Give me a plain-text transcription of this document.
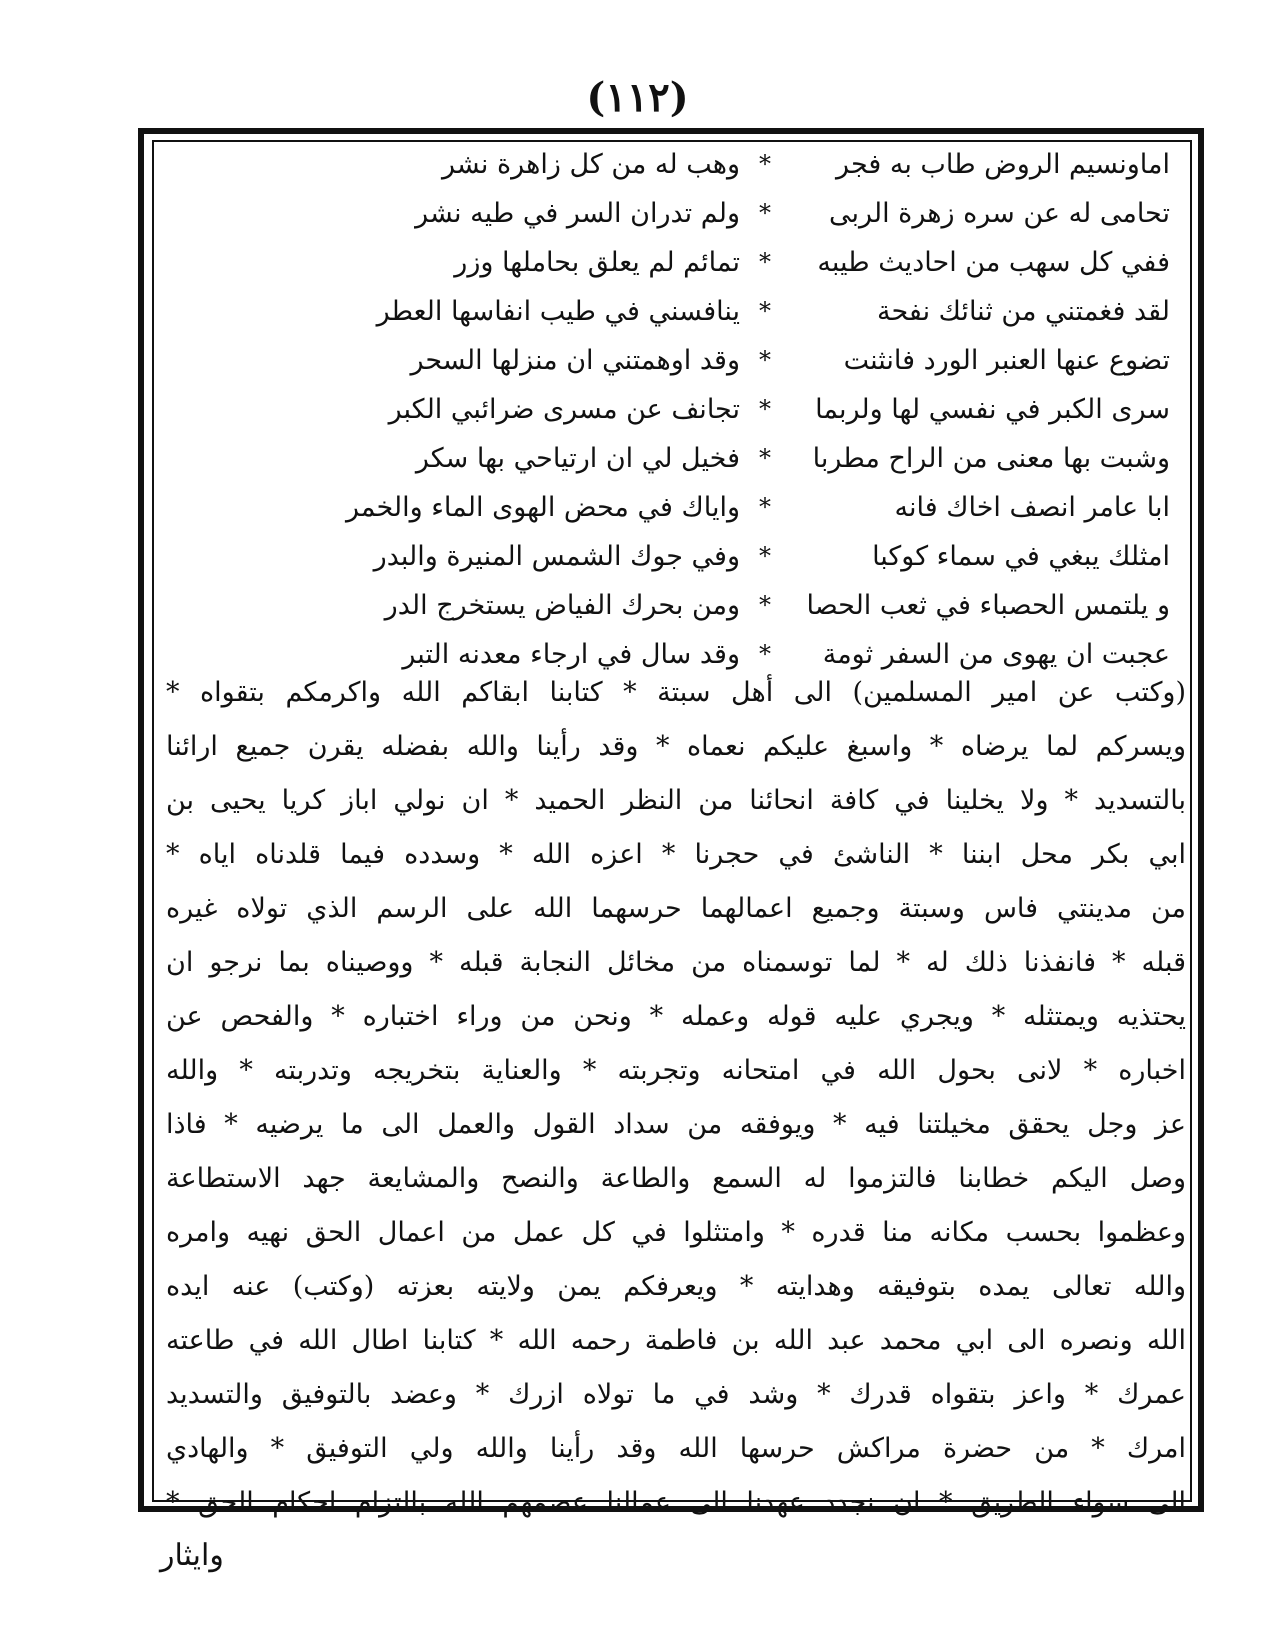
(١١٢)
اماونسيم الروض طاب به فجر
*
وهب له من كل زاهرة نشر
تحامى له عن سره زهرة الربى
*
ولم تدران السر في طيه نشر
ففي كل سهب من احاديث طيبه
*
تمائم لم يعلق بحاملها وزر
لقد فغمتني من ثنائك نفحة
*
ينافسني في طيب انفاسها العطر
تضوع عنها العنبر الورد فانثنت
*
وقد اوهمتني ان منزلها السحر
سرى الكبر في نفسي لها ولربما
*
تجانف عن مسرى ضرائبي الكبر
وشبت بها معنى من الراح مطربا
*
فخيل لي ان ارتياحي بها سكر
ابا عامر انصف اخاك فانه
*
واياك في محض الهوى الماء والخمر
امثلك يبغي في سماء كوكبا
*
وفي جوك الشمس المنيرة والبدر
و يلتمس الحصباء في ثعب الحصا
*
ومن بحرك الفياض يستخرج الدر
عجبت ان يهوى من السفر ثومة
*
وقد سال في ارجاء معدنه التبر
(وكتب عن امير المسلمين) الى أهل سبتة * كتابنا ابقاكم الله واكرمكم بتقواه *
ويسركم لما يرضاه * واسبغ عليكم نعماه * وقد رأينا والله بفضله يقرن جميع ارائنا
بالتسديد * ولا يخلينا في كافة انحائنا من النظر الحميد * ان نولي اباز كريا يحيى بن
ابي بكر محل ابننا * الناشئ في حجرنا * اعزه الله * وسدده فيما قلدناه اياه *
من مدينتي فاس وسبتة وجميع اعمالهما حرسهما الله على الرسم الذي تولاه غيره
قبله * فانفذنا ذلك له * لما توسمناه من مخائل النجابة قبله * ووصيناه بما نرجو ان
يحتذيه ويمتثله * ويجري عليه قوله وعمله * ونحن من وراء اختباره * والفحص عن
اخباره * لانى بحول الله في امتحانه وتجربته * والعناية بتخريجه وتدربته * والله
عز وجل يحقق مخيلتنا فيه * ويوفقه من سداد القول والعمل الى ما يرضيه * فاذا
وصل اليكم خطابنا فالتزموا له السمع والطاعة والنصح والمشايعة جهد الاستطاعة
وعظموا بحسب مكانه منا قدره * وامتثلوا في كل عمل من اعمال الحق نهيه وامره
والله تعالى يمده بتوفيقه وهدايته * ويعرفكم يمن ولايته بعزته (وكتب) عنه ايده
الله ونصره الى ابي محمد عبد الله بن فاطمة رحمه الله * كتابنا اطال الله في طاعته
عمرك * واعز بتقواه قدرك * وشد في ما تولاه ازرك * وعضد بالتوفيق والتسديد
امرك * من حضرة مراكش حرسها الله وقد رأينا والله ولي التوفيق * والهادي
الى سواء الطريق * ان نجدد عهدنا الى عمالنا عصمهم الله بالتزام احكام الحق *
وايثار
